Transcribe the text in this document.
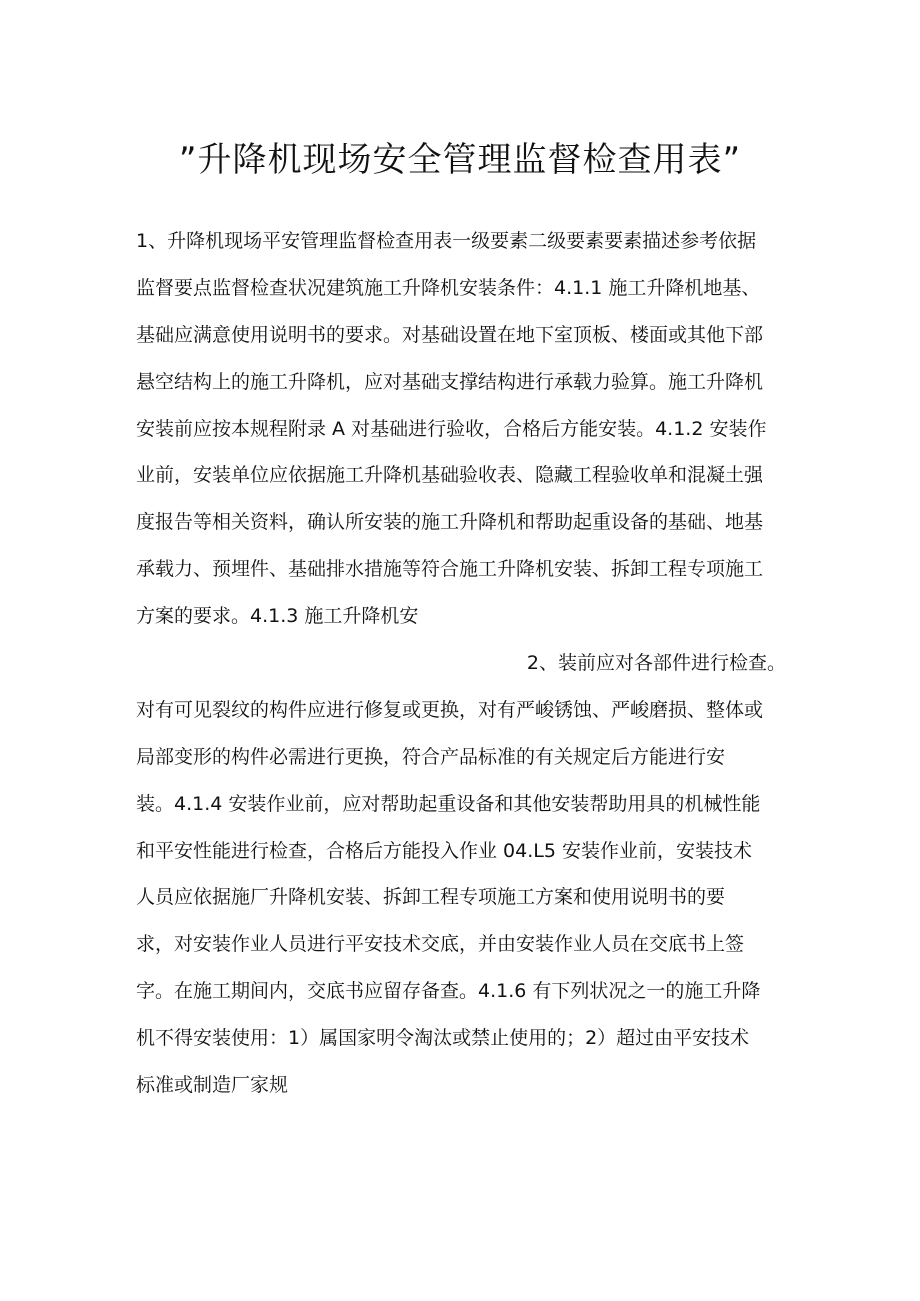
”升降机现场安全管理监督检查用表”
1、升降机现场平安管理监督检查用表一级要素二级要素要素描述参考依据
监督要点监督检查状况建筑施工升降机安装条件：4.1.1 施工升降机地基、
基础应满意使用说明书的要求。对基础设置在地下室顶板、楼面或其他下部
悬空结构上的施工升降机，应对基础支撑结构进行承载力验算。施工升降机
安装前应按本规程附录 A 对基础进行验收，合格后方能安装。4.1.2 安装作
业前，安装单位应依据施工升降机基础验收表、隐藏工程验收单和混凝土强
度报告等相关资料，确认所安装的施工升降机和帮助起重设备的基础、地基
承载力、预埋件、基础排水措施等符合施工升降机安装、拆卸工程专项施工
方案的要求。4.1.3 施工升降机安
2、装前应对各部件进行检查。
对有可见裂纹的构件应进行修复或更换，对有严峻锈蚀、严峻磨损、整体或
局部变形的构件必需进行更换，符合产品标准的有关规定后方能进行安
装。4.1.4 安装作业前，应对帮助起重设备和其他安装帮助用具的机械性能
和平安性能进行检查，合格后方能投入作业 04.L5 安装作业前，安装技术
人员应依据施厂升降机安装、拆卸工程专项施工方案和使用说明书的要
求，对安装作业人员进行平安技术交底，并由安装作业人员在交底书上签
字。在施工期间内，交底书应留存备查。4.1.6 有下列状况之一的施工升降
机不得安装使用：1）属国家明令淘汰或禁止使用的；2）超过由平安技术
标准或制造厂家规
